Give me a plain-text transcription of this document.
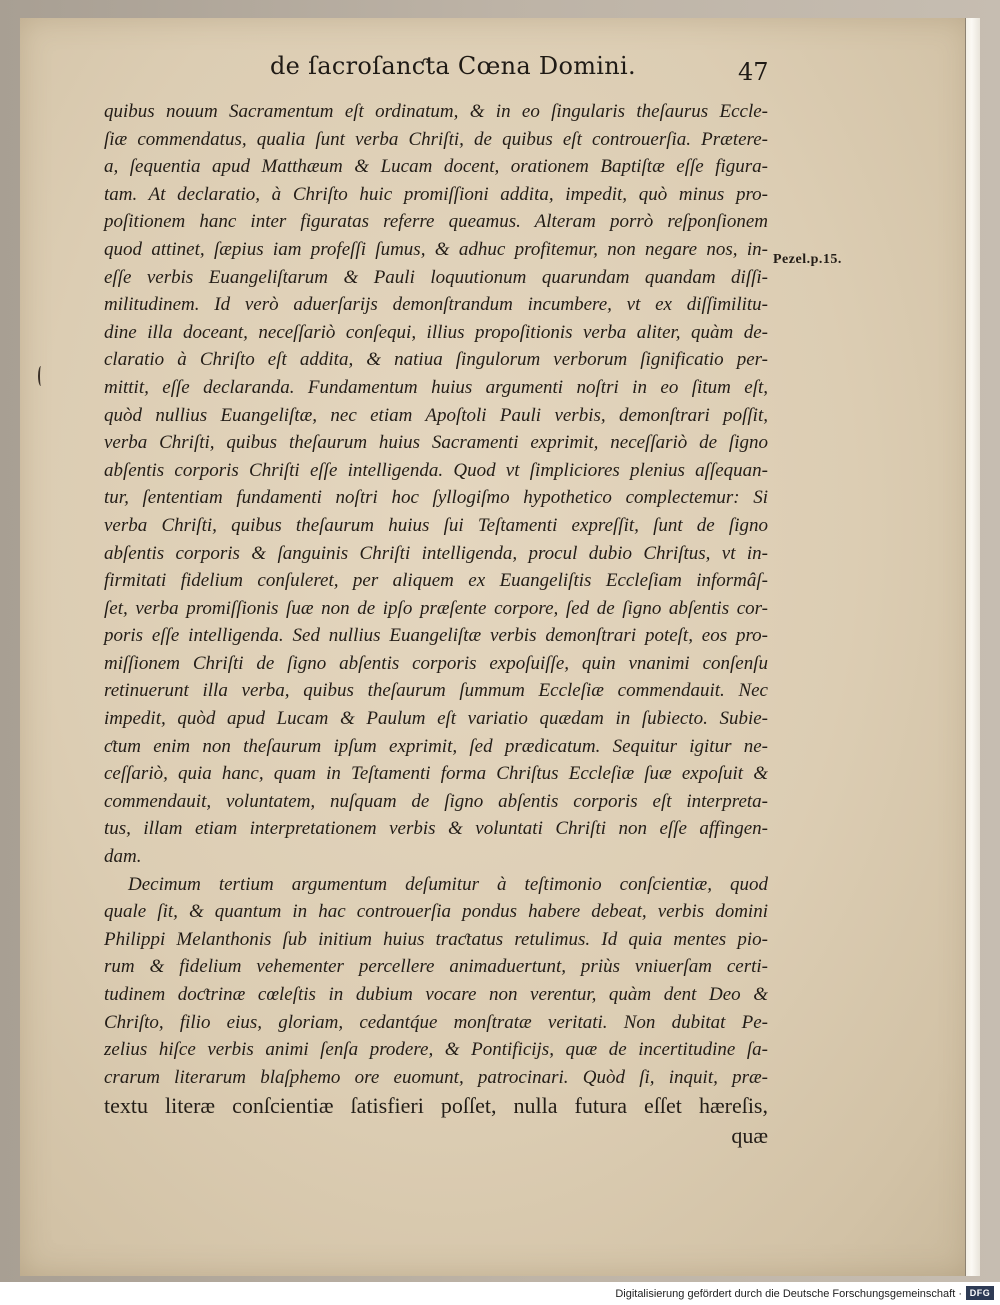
de ſacroſanƈta Cœna Domini.	47
Pezel.p.15.
quibus nouum Sacramentum eſt ordinatum, & in eo ſingularis theſaurus Eccle-
ſiæ commendatus, qualia ſunt verba Chriſti, de quibus eſt controuerſia. Prætere-
a, ſequentia apud Matthæum & Lucam docent, orationem Baptiſtæ eſſe figura-
tam. At declaratio, à Chriſto huic promiſſioni addita, impedit, quò minus pro-
poſitionem hanc inter figuratas referre queamus. Alteram porrò reſponſionem
quod attinet, ſæpius iam profeſſi ſumus, & adhuc profitemur, non negare nos, in-
eſſe verbis Euangeliſtarum & Pauli loquutionum quarundam quandam diſſi-
militudinem. Id verò aduerſarijs demonſtrandum incumbere, vt ex diſſimilitu-
dine illa doceant, neceſſariò conſequi, illius propoſitionis verba aliter, quàm de-
claratio à Chriſto eſt addita, & natiua ſingulorum verborum ſignificatio per-
mittit, eſſe declaranda. Fundamentum huius argumenti noſtri in eo ſitum eſt,
quòd nullius Euangeliſtæ, nec etiam Apoſtoli Pauli verbis, demonſtrari poſſit,
verba Chriſti, quibus theſaurum huius Sacramenti exprimit, neceſſariò de ſigno
abſentis corporis Chriſti eſſe intelligenda. Quod vt ſimpliciores plenius aſſequan-
tur, ſententiam fundamenti noſtri hoc ſyllogiſmo hypothetico complectemur: Si
verba Chriſti, quibus theſaurum huius ſui Teſtamenti expreſſit, ſunt de ſigno
abſentis corporis & ſanguinis Chriſti intelligenda, procul dubio Chriſtus, vt in-
firmitati fidelium conſuleret, per aliquem ex Euangeliſtis Eccleſiam informâſ-
ſet, verba promiſſionis ſuæ non de ipſo præſente corpore, ſed de ſigno abſentis cor-
poris eſſe intelligenda. Sed nullius Euangeliſtæ verbis demonſtrari poteſt, eos pro-
miſſionem Chriſti de ſigno abſentis corporis expoſuiſſe, quin vnanimi conſenſu
retinuerunt illa verba, quibus theſaurum ſummum Eccleſiæ commendauit. Nec
impedit, quòd apud Lucam & Paulum eſt variatio quædam in ſubiecto. Subie-
ƈtum enim non theſaurum ipſum exprimit, ſed prædicatum. Sequitur igitur ne-
ceſſariò, quia hanc, quam in Teſtamenti forma Chriſtus Eccleſiæ ſuæ expoſuit &
commendauit, voluntatem, nuſquam de ſigno abſentis corporis eſt interpreta-
tus, illam etiam interpretationem verbis & voluntati Chriſti non eſſe affingen-
dam.
Decimum tertium argumentum deſumitur à teſtimonio conſcientiæ, quod
quale ſit, & quantum in hac controuerſia pondus habere debeat, verbis domini
Philippi Melanthonis ſub initium huius traƈtatus retulimus. Id quia mentes pio-
rum & fidelium vehementer percellere animaduertunt, priùs vniuerſam certi-
tudinem doƈtrinæ cœleſtis in dubium vocare non verentur, quàm dent Deo &
Chriſto, filio eius, gloriam, cedantq́ue monſtratæ veritati. Non dubitat Pe-
zelius hiſce verbis animi ſenſa prodere, & Pontificijs, quæ de incertitudine ſa-
crarum literarum blaſphemo ore euomunt, patrocinari. Quòd ſi, inquit, præ-
textu literæ conſcientiæ ſatisfieri poſſet, nulla futura eſſet hæreſis,
quæ
Digitalisierung gefördert durch die Deutsche Forschungsgemeinschaft · DFG
